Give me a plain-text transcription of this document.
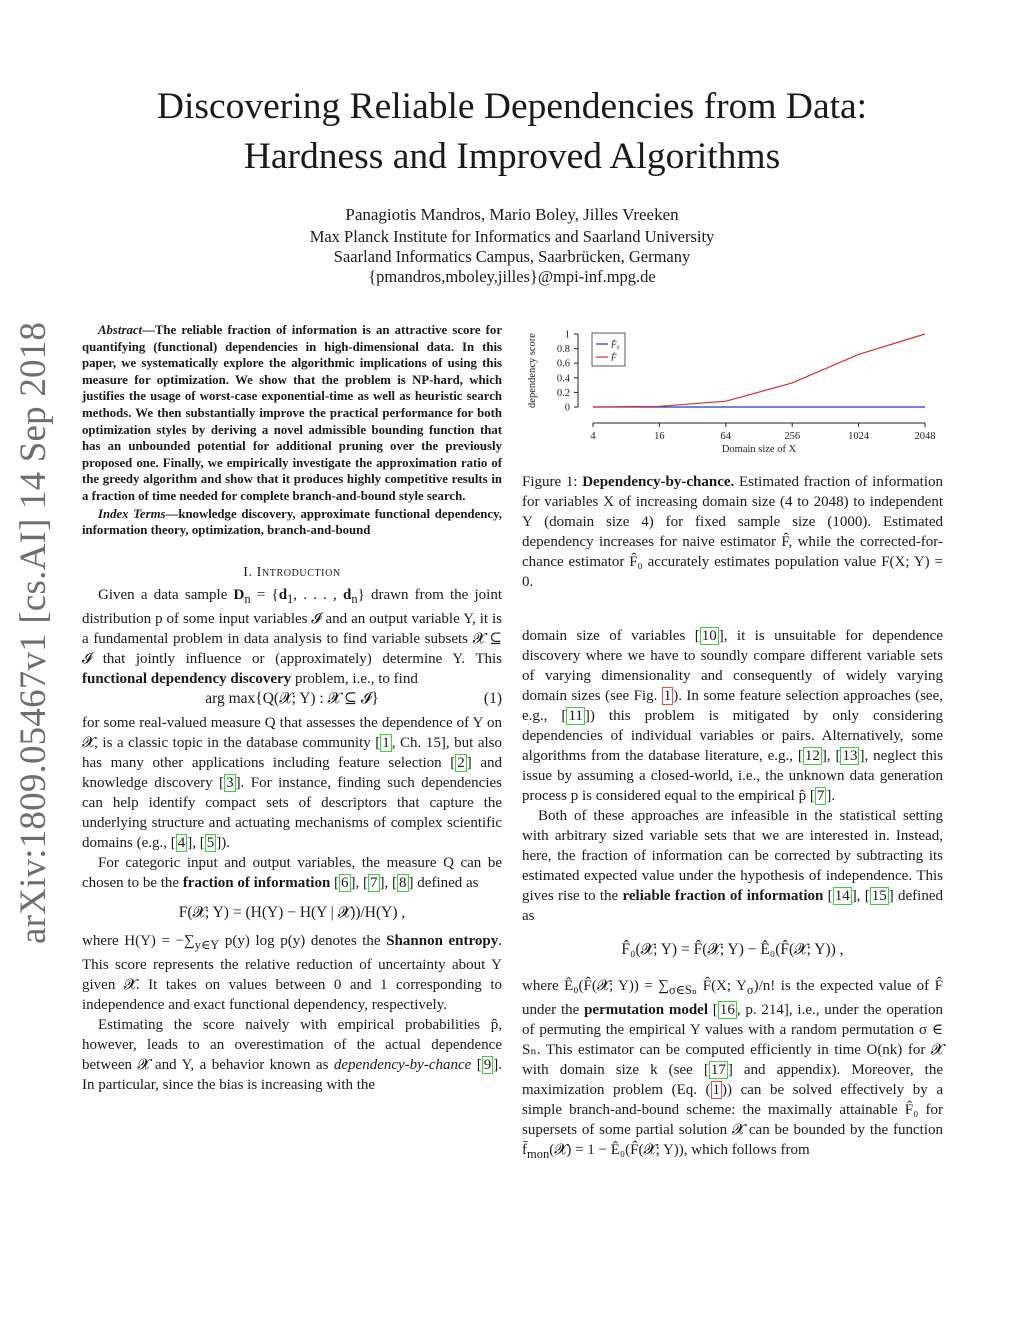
arXiv:1809.05467v1 [cs.AI] 14 Sep 2018
Discovering Reliable Dependencies from Data:
Hardness and Improved Algorithms
Panagiotis Mandros, Mario Boley, Jilles Vreeken
Max Planck Institute for Informatics and Saarland University
Saarland Informatics Campus, Saarbrücken, Germany
{pmandros,mboley,jilles}@mpi-inf.mpg.de

Abstract—The reliable fraction of information is an attractive score for quantifying (functional) dependencies in high-dimensional data. In this paper, we systematically explore the algorithmic implications of using this measure for optimization. We show that the problem is NP-hard, which justifies the usage of worst-case exponential-time as well as heuristic search methods. We then substantially improve the practical performance for both optimization styles by deriving a novel admissible bounding function that has an unbounded potential for additional pruning over the previously proposed one. Finally, we empirically investigate the approximation ratio of the greedy algorithm and show that it produces highly competitive results in a fraction of time needed for complete branch-and-bound style search.

Index Terms—knowledge discovery, approximate functional dependency, information theory, optimization, branch-and-bound

I. Introduction

Given a data sample $D_n = \{d_1$, . . . , $d_n$} drawn from the joint distribution p of some input variables 𝓘 and an output variable Y, it is a fundamental problem in data analysis to find variable subsets 𝓧 ⊆ 𝓘 that jointly influence or (approximately) determine Y. This functional dependency discovery problem, i.e., to find

arg max{Q(𝓧; Y) : 𝓧 ⊆ 𝓘}	(1)

for some real-valued measure Q that assesses the dependence of Y on 𝓧, is a classic topic in the database community [ 1 , Ch. 15], but also has many other applications including feature selection [ 2 ] and knowledge discovery [ 3 ]. For instance, finding such dependencies can help identify compact sets of descriptors that capture the underlying structure and actuating mechanisms of complex scientific domains (e.g., [ 4 ], [ 5 ]).

For categoric input and output variables, the measure Q can be chosen to be the fraction of information [ 6 ], [ 7 ], [ 8 ] defined as

F(𝓧; Y) = (H(Y) − H(Y | 𝓧))/H(Y) ,

where $H(Y) = -\sum_{y\in Y}$ p(y) log p(y) denotes the Shannon entropy. This score represents the relative reduction of uncertainty about Y given 𝓧. It takes on values between 0 and 1 corresponding to independence and exact functional dependency, respectively.

Estimating the score naively with empirical probabilities p̂, however, leads to an overestimation of the actual dependence between 𝓧 and Y, a behavior known as dependency-by-chance [ 9 ]. In particular, since the bias is increasing with the

0
0.2
0.4
0.6
0.8
1
dependency score
4	16	64	256	1024	2048
Domain size of X
F̂₀
F̂

Figure 1: Dependency-by-chance. Estimated fraction of information for variables X of increasing domain size (4 to 2048) to independent Y (domain size 4) for fixed sample size (1000). Estimated dependency increases for naive estimator F̂, while the corrected-for-chance estimator F̂₀ accurately estimates population value F(X; Y) = 0.

domain size of variables [ 10 ], it is unsuitable for dependence discovery where we have to soundly compare different variable sets of varying dimensionality and consequently of widely varying domain sizes (see Fig. 1 ). In some feature selection approaches (see, e.g., [ 11 ]) this problem is mitigated by only considering dependencies of individual variables or pairs. Alternatively, some algorithms from the database literature, e.g., [ 12 ], [ 13 ], neglect this issue by assuming a closed-world, i.e., the unknown data generation process p is considered equal to the empirical p̂ [ 7 ].

Both of these approaches are infeasible in the statistical setting with arbitrary sized variable sets that we are interested in. Instead, here, the fraction of information can be corrected by subtracting its estimated expected value under the hypothesis of independence. This gives rise to the reliable fraction of information [ 14 ], [ 15 ] defined as

F̂₀(𝓧; Y) = F̂(𝓧; Y) − Ê₀(F̂(𝓧; Y)) ,

where Ê₀(F̂(𝓧; $Y)) = \sum_{\sigma\in S_n}$ F̂(X; $Y_\sigma)/n$! is the expected value of F̂ under the permutation model [ 16 , p. 214], i.e., under the operation of permuting the empirical Y values with a random permutation σ ∈ Sₙ. This estimator can be computed efficiently in time O(nk) for 𝓧 with domain size k (see [ 17 ] and appendix). Moreover, the maximization problem (Eq. ( 1 )) can be solved effectively by a simple branch-and-bound scheme: the maximally attainable F̂₀ for supersets of some partial solution 𝓧 can be bounded by the function $f̄_{mon}(𝓧) = 1$ − Ê₀(F̂(𝓧; Y)), which follows from
